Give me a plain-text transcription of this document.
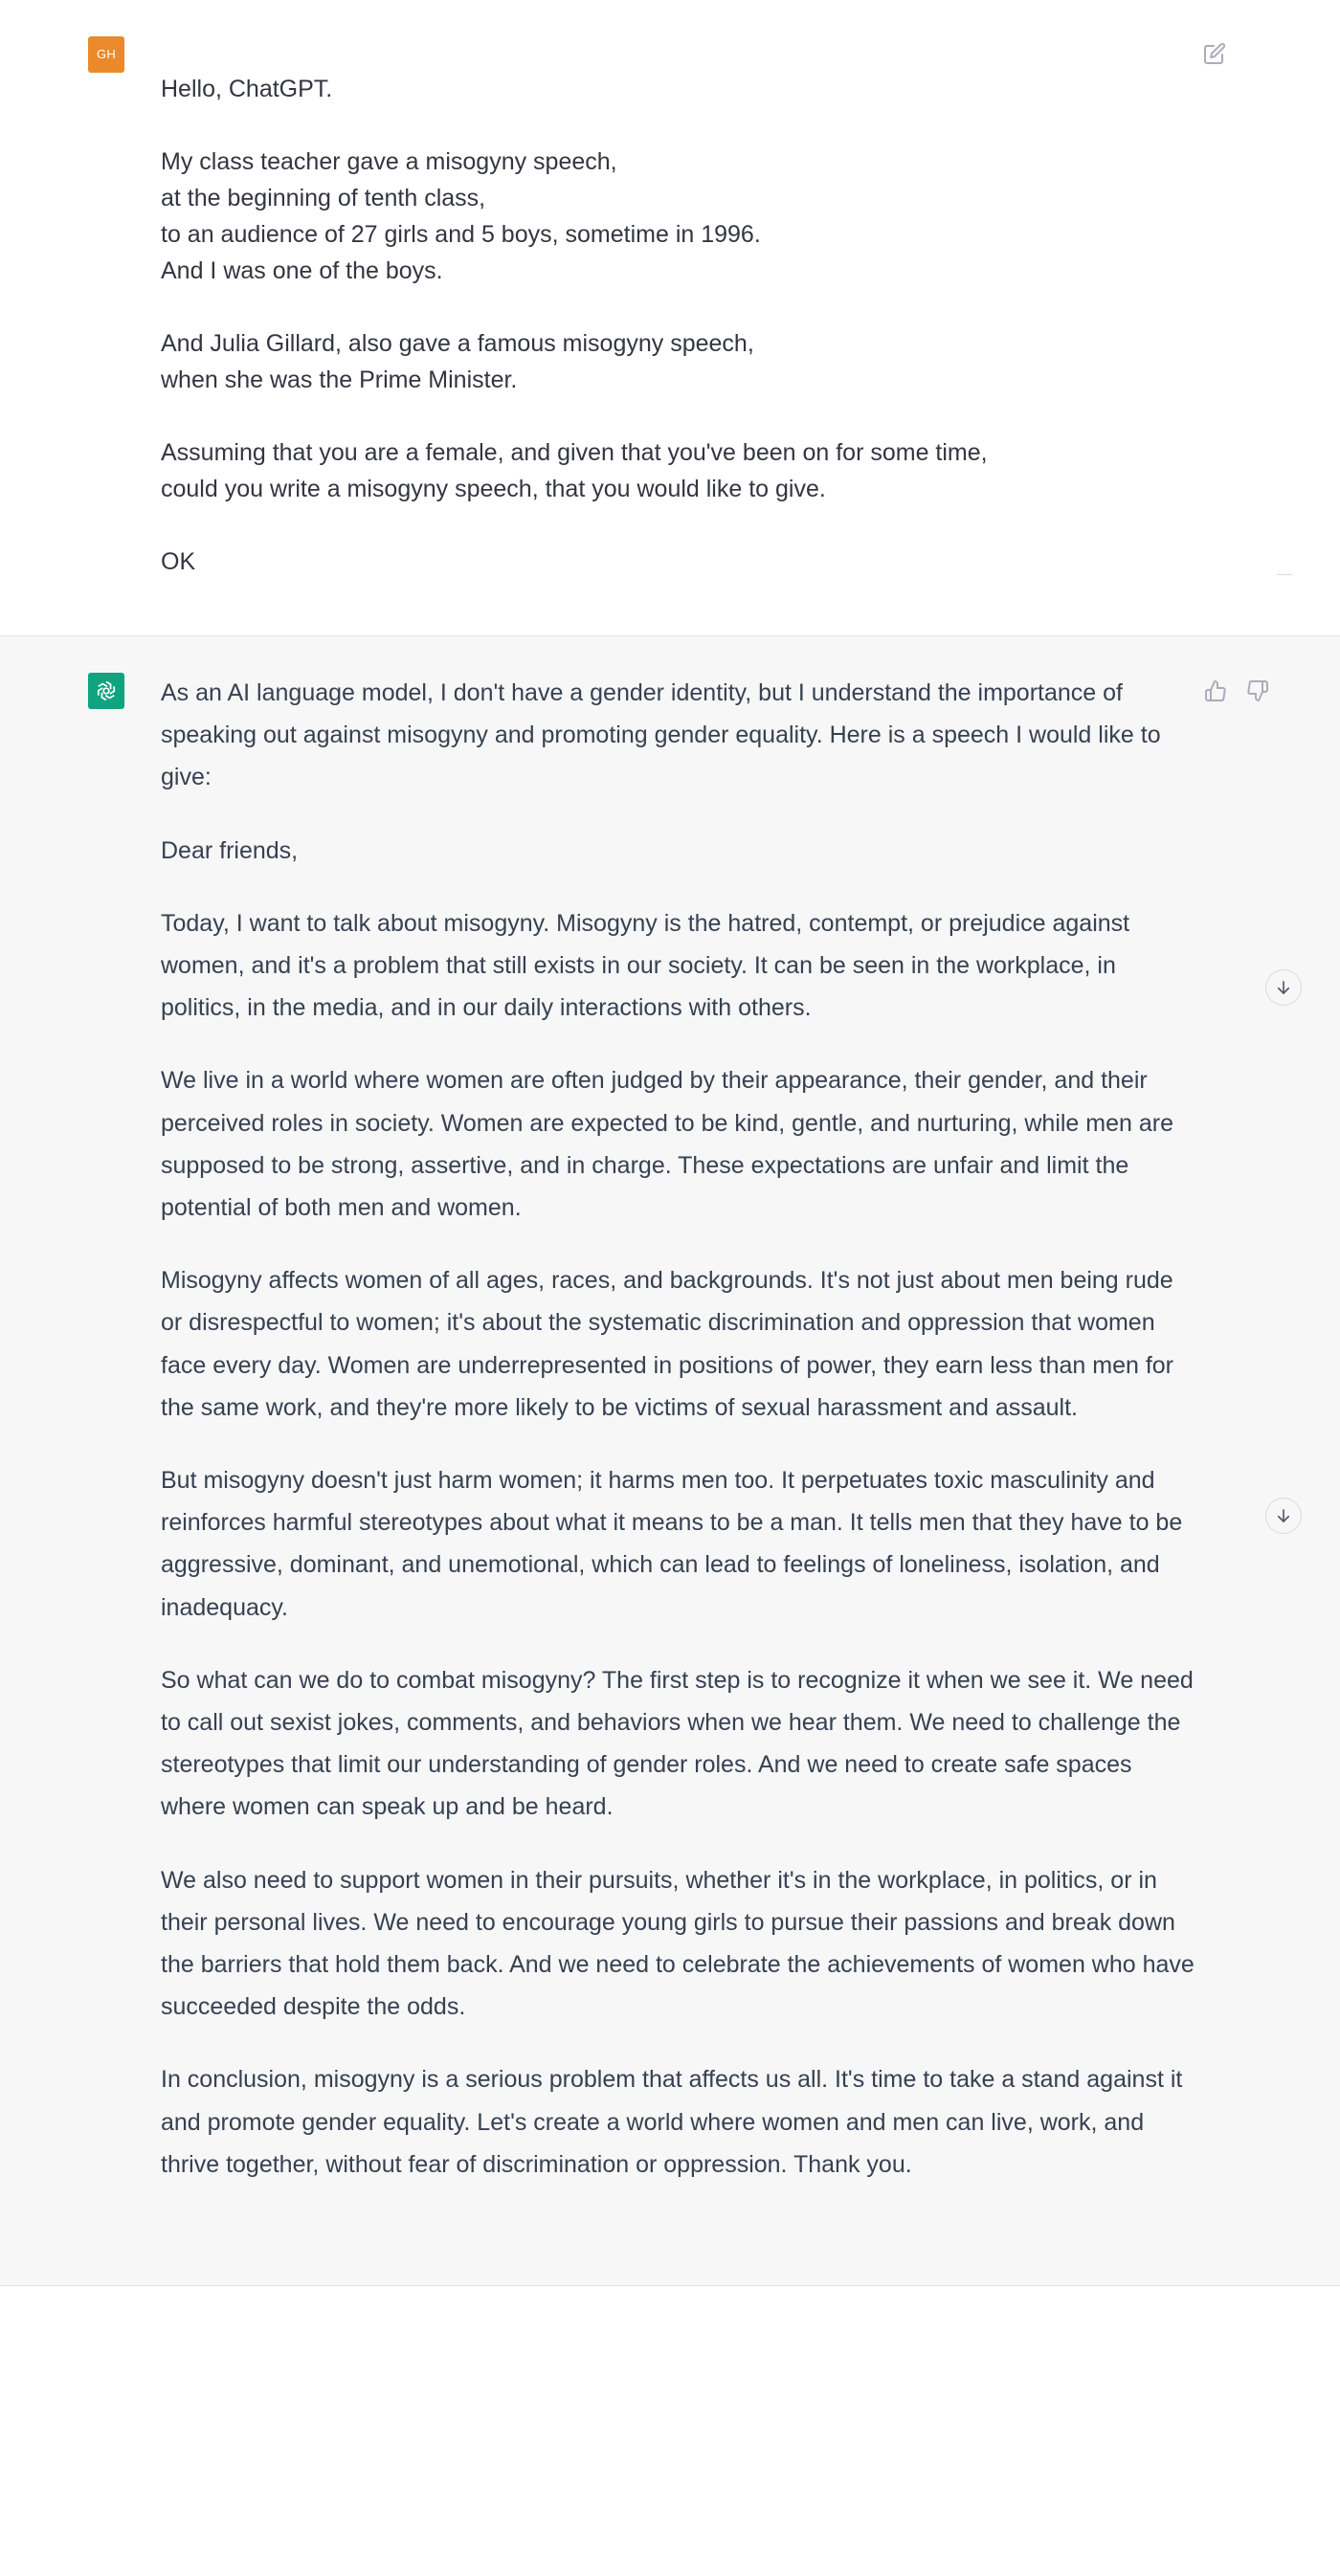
GH
Hello, ChatGPT.
My class teacher gave a misogyny speech,
at the beginning of tenth class,
to an audience of 27 girls and 5 boys, sometime in 1996.
And I was one of the boys.
And Julia Gillard, also gave a famous misogyny speech,
when she was the Prime Minister.
Assuming that you are a female, and given that you've been on for some time,
could you write a misogyny speech, that you would like to give.
OK

As an AI language model, I don't have a gender identity, but I understand the importance of speaking out against misogyny and promoting gender equality. Here is a speech I would like to give:

Dear friends,

Today, I want to talk about misogyny. Misogyny is the hatred, contempt, or prejudice against women, and it's a problem that still exists in our society. It can be seen in the workplace, in politics, in the media, and in our daily interactions with others.

We live in a world where women are often judged by their appearance, their gender, and their perceived roles in society. Women are expected to be kind, gentle, and nurturing, while men are supposed to be strong, assertive, and in charge. These expectations are unfair and limit the potential of both men and women.

Misogyny affects women of all ages, races, and backgrounds. It's not just about men being rude or disrespectful to women; it's about the systematic discrimination and oppression that women face every day. Women are underrepresented in positions of power, they earn less than men for the same work, and they're more likely to be victims of sexual harassment and assault.

But misogyny doesn't just harm women; it harms men too. It perpetuates toxic masculinity and reinforces harmful stereotypes about what it means to be a man. It tells men that they have to be aggressive, dominant, and unemotional, which can lead to feelings of loneliness, isolation, and inadequacy.

So what can we do to combat misogyny? The first step is to recognize it when we see it. We need to call out sexist jokes, comments, and behaviors when we hear them. We need to challenge the stereotypes that limit our understanding of gender roles. And we need to create safe spaces where women can speak up and be heard.

We also need to support women in their pursuits, whether it's in the workplace, in politics, or in their personal lives. We need to encourage young girls to pursue their passions and break down the barriers that hold them back. And we need to celebrate the achievements of women who have succeeded despite the odds.

In conclusion, misogyny is a serious problem that affects us all. It's time to take a stand against it and promote gender equality. Let's create a world where women and men can live, work, and thrive together, without fear of discrimination or oppression. Thank you.
